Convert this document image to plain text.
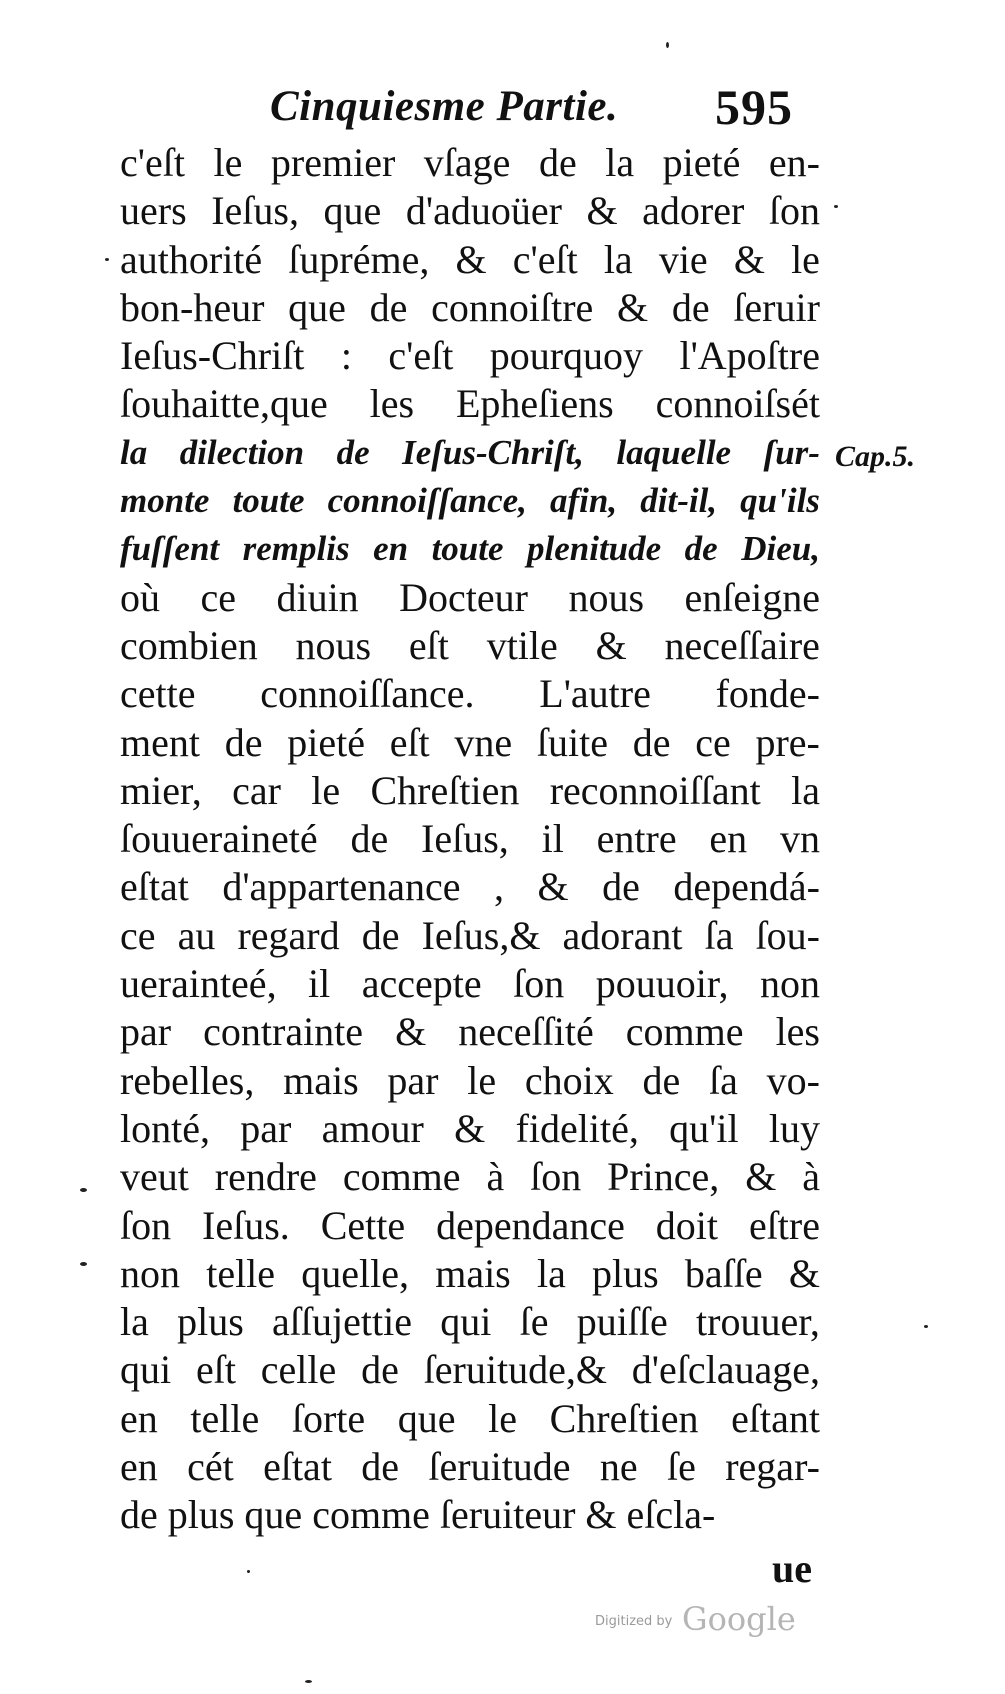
Cinquiesme Partie. 595
c'eſt le premier vſage de la pieté en-
uers Ieſus, que d'aduoüer & adorer ſon
authorité ſupréme, & c'eſt la vie & le
bon-heur que de connoiſtre & de ſeruir
Ieſus-Chriſt : c'eſt pourquoy l'Apoſtre
ſouhaitte,que les Epheſiens connoiſsét
la dilection de Ieſus-Chriſt, laquelle ſur-
monte toute connoiſſance, afin, dit-il, qu'ils
fuſſent remplis en toute plenitude de Dieu,
où ce diuin Docteur nous enſeigne
combien nous eſt vtile & neceſſaire
cette connoiſſance. L'autre fonde-
ment de pieté eſt vne ſuite de ce pre-
mier, car le Chreſtien reconnoiſſant la
ſouueraineté de Ieſus, il entre en vn
eſtat d'appartenance , & de dependá-
ce au regard de Ieſus,& adorant ſa ſou-
ueraintеé, il accepte ſon pouuoir, non
par contrainte & neceſſité comme les
rebelles, mais par le choix de ſa vo-
lonté, par amour & fidelité, qu'il luy
veut rendre comme à ſon Prince, & à
ſon Ieſus. Cette dependance doit eſtre
non telle quelle, mais la plus baſſe &
la plus aſſujettie qui ſe puiſſe trouuer,
qui eſt celle de ſeruitude,& d'eſclauage,
en telle ſorte que le Chreſtien eſtant
en cét eſtat de ſeruitude ne ſe regar-
de plus que comme ſeruiteur & eſcla-
ue
Cap.5.
Digitized by Google
